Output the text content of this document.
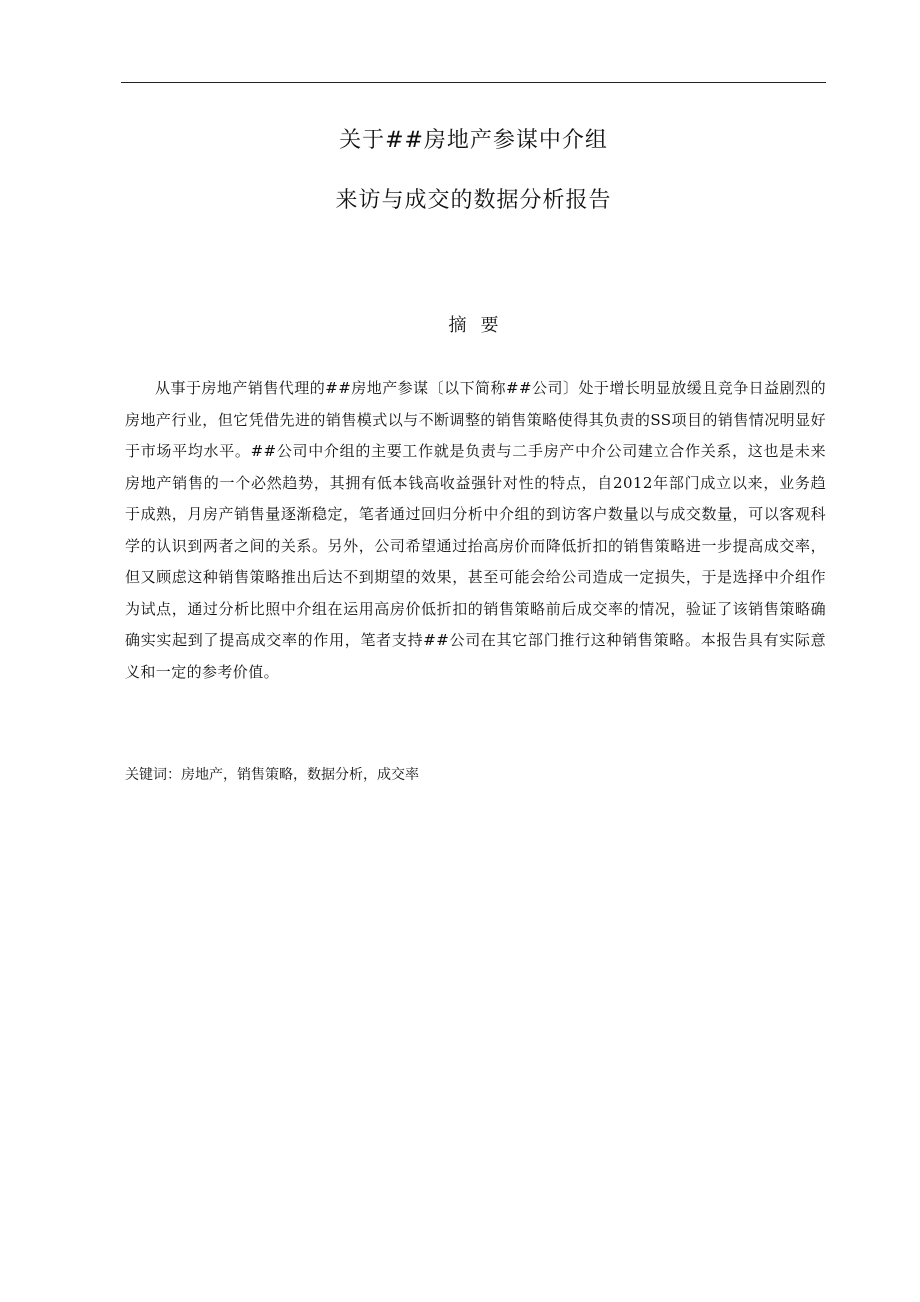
关于##房地产参谋中介组
来访与成交的数据分析报告
摘要

从事于房地产销售代理的##房地产参谋〔以下简称##公司〕处于增长明显放缓且竞争日益剧烈的房地产行业，但它凭借先进的销售模式以与不断调整的销售策略使得其负责的SS项目的销售情况明显好于市场平均水平。##公司中介组的主要工作就是负责与二手房产中介公司建立合作关系，这也是未来房地产销售的一个必然趋势，其拥有低本钱高收益强针对性的特点，自2012年部门成立以来，业务趋于成熟，月房产销售量逐渐稳定，笔者通过回归分析中介组的到访客户数量以与成交数量，可以客观科学的认识到两者之间的关系。另外，公司希望通过抬高房价而降低折扣的销售策略进一步提高成交率，但又顾虑这种销售策略推出后达不到期望的效果，甚至可能会给公司造成一定损失，于是选择中介组作为试点，通过分析比照中介组在运用高房价低折扣的销售策略前后成交率的情况，验证了该销售策略确确实实起到了提高成交率的作用，笔者支持##公司在其它部门推行这种销售策略。本报告具有实际意义和一定的参考价值。

关键词：房地产，销售策略，数据分析，成交率
